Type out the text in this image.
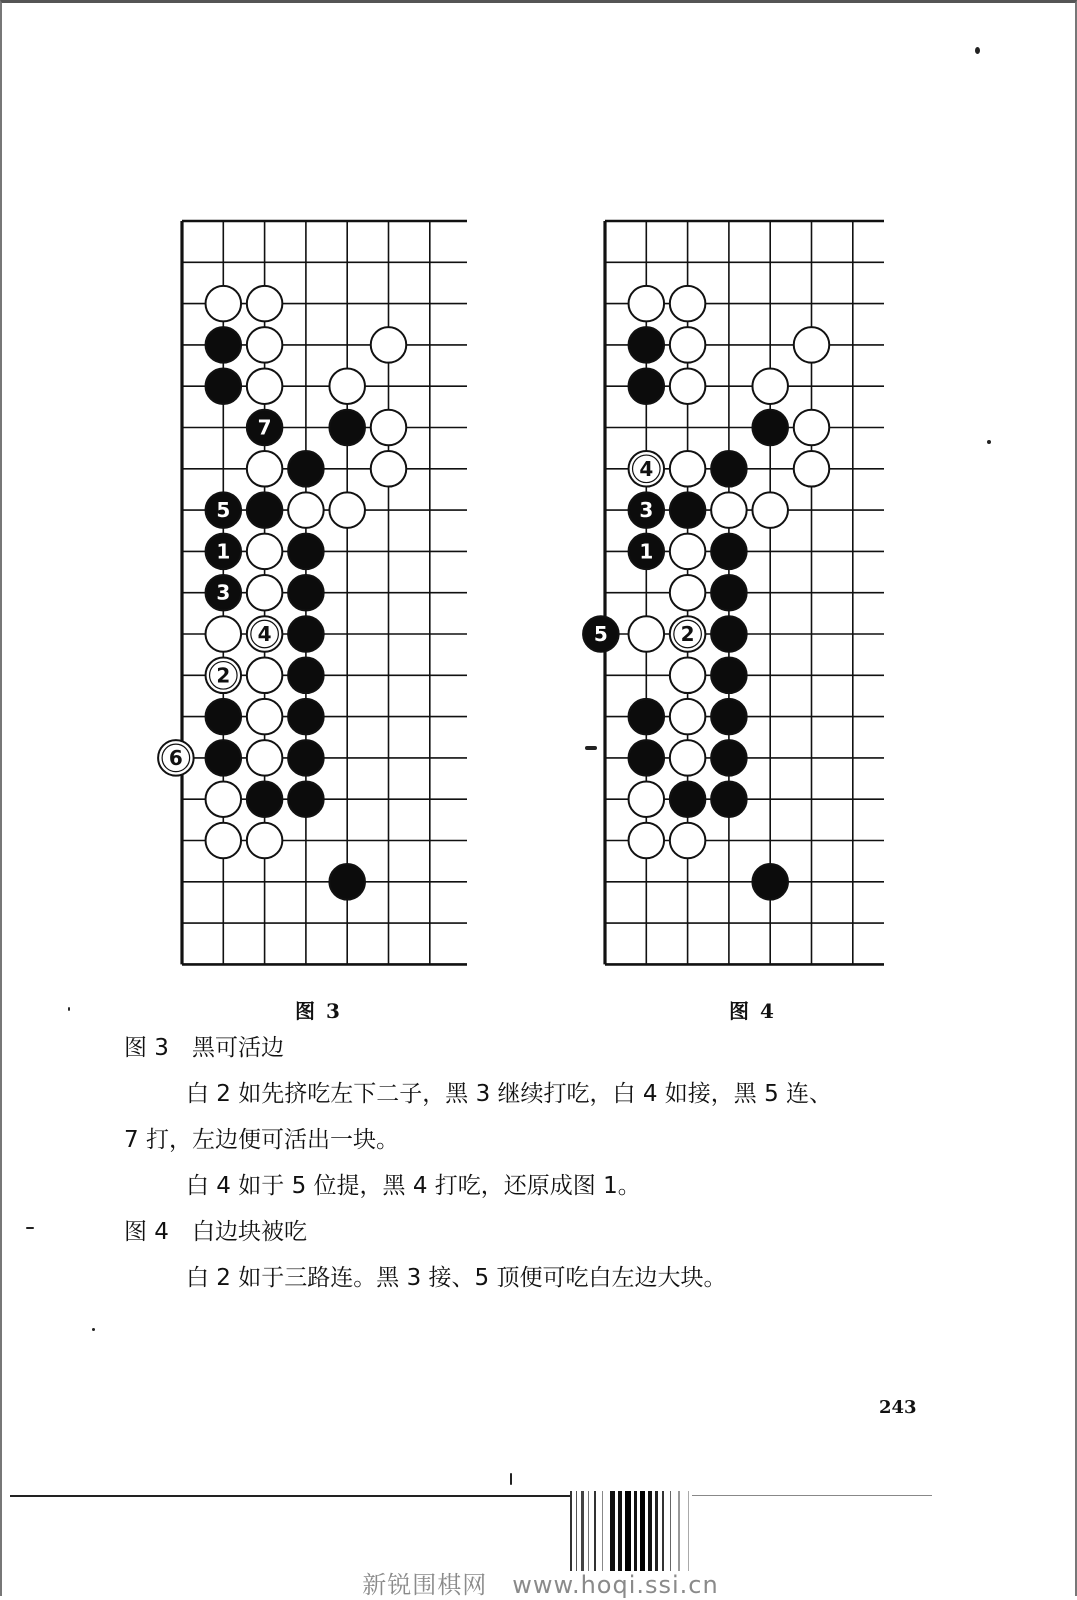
7
5
1
3
4
2
6
4
3
1
5	2
图 3	图 4

图 3　黑可活边

白 2 如先挤吃左下二子，黑 3 继续打吃，白 4 如接，黑 5 连、

7 打，左边便可活出一块。

白 4 如于 5 位提，黑 4 打吃，还原成图 1。

图 4　白边块被吃

白 2 如于三路连。黑 3 接、5 顶便可吃白左边大块。

243
新锐围棋网　www.hoqi.ssi.cn
